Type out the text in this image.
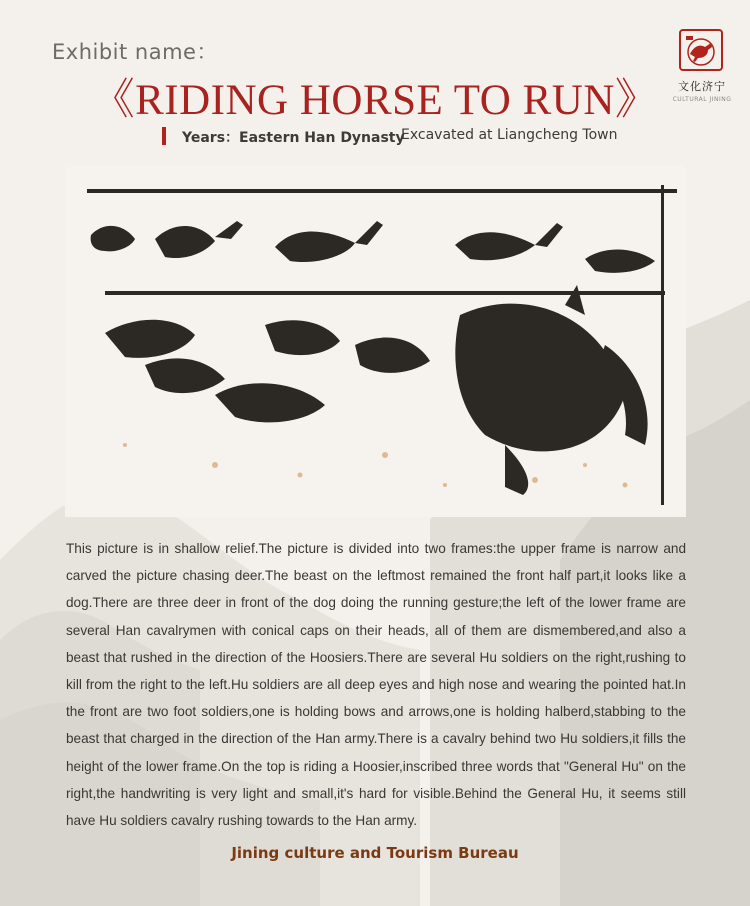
Exhibit name：
《RIDING HORSE TO RUN》
Years：Eastern Han Dynasty
Excavated at Liangcheng Town
文化济宁
CULTURAL JINING

This picture is in shallow relief.The picture is divided into two frames:the upper frame is narrow and carved the picture chasing deer.The beast on the leftmost remained the front half part,it looks like a dog.There are three deer in front of the dog doing the running gesture;the left of the lower frame are several Han cavalrymen with conical caps on their heads, all of them are dismembered,and also a beast that rushed in the direction of the Hoosiers.There are several Hu soldiers on the right,rushing to kill from the right to the left.Hu soldiers are all deep eyes and high nose and wearing the pointed hat.In the front are two foot soldiers,one is holding bows and arrows,one is holding halberd,stabbing to the beast that charged in the direction of the Han army.There is a cavalry behind two Hu soldiers,it fills the height of the lower frame.On the top is riding a Hoosier,inscribed three words that "General Hu" on the right,the handwriting is very light and small,it's hard for visible.Behind the General Hu, it seems still have Hu soldiers cavalry rushing towards to the Han army.

Jining culture and Tourism Bureau
